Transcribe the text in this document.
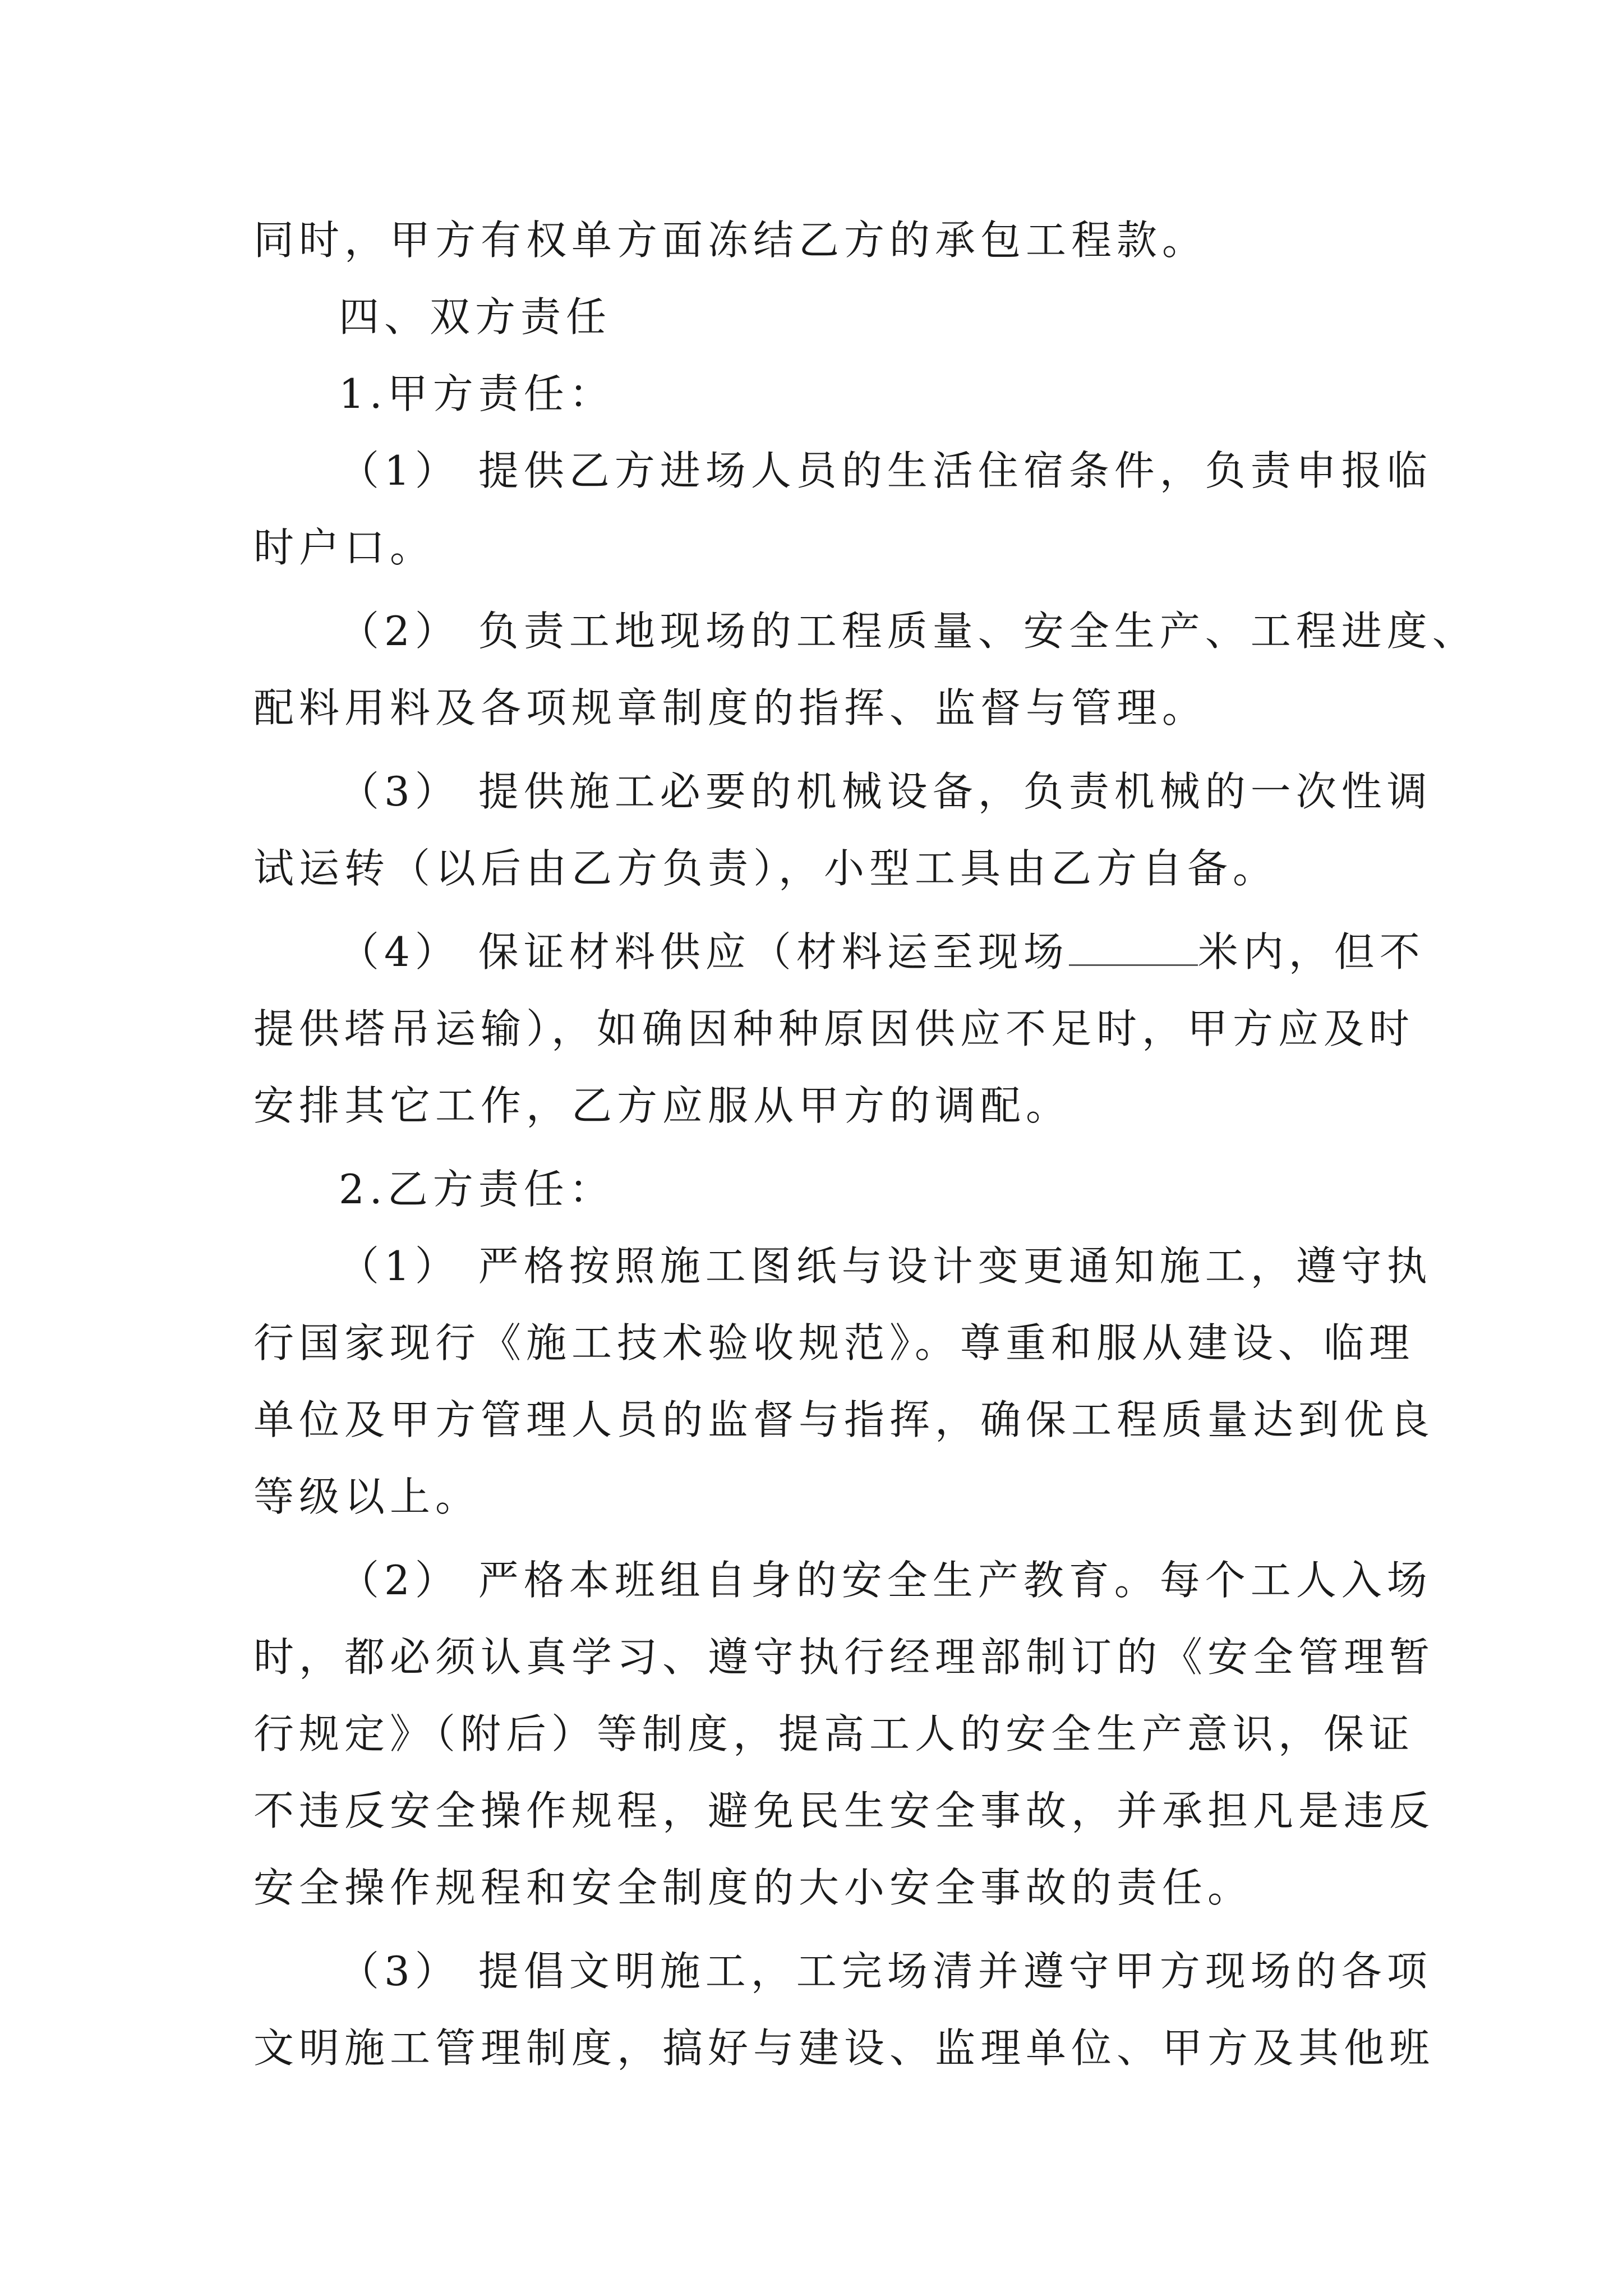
同时，甲方有权单方面冻结乙方的承包工程款。
四、双方责任
1.甲方责任：
（1） 提供乙方进场人员的生活住宿条件，负责申报临
时户口。
（2） 负责工地现场的工程质量、安全生产、工程进度、
配料用料及各项规章制度的指挥、监督与管理。
（3） 提供施工必要的机械设备，负责机械的一次性调
试运转（以后由乙方负责），小型工具由乙方自备。
（4） 保证材料供应（材料运至现场	米内，但不
提供塔吊运输），如确因种种原因供应不足时，甲方应及时
安排其它工作，乙方应服从甲方的调配。
2.乙方责任：
（1） 严格按照施工图纸与设计变更通知施工，遵守执
行国家现行《施工技术验收规范》。尊重和服从建设、临理
单位及甲方管理人员的监督与指挥，确保工程质量达到优良
等级以上。
（2） 严格本班组自身的安全生产教育。每个工人入场
时，都必须认真学习、遵守执行经理部制订的《安全管理暂
行规定》（附后）等制度，提高工人的安全生产意识，保证
不违反安全操作规程，避免民生安全事故，并承担凡是违反
安全操作规程和安全制度的大小安全事故的责任。
（3） 提倡文明施工，工完场清并遵守甲方现场的各项
文明施工管理制度，搞好与建设、监理单位、甲方及其他班
